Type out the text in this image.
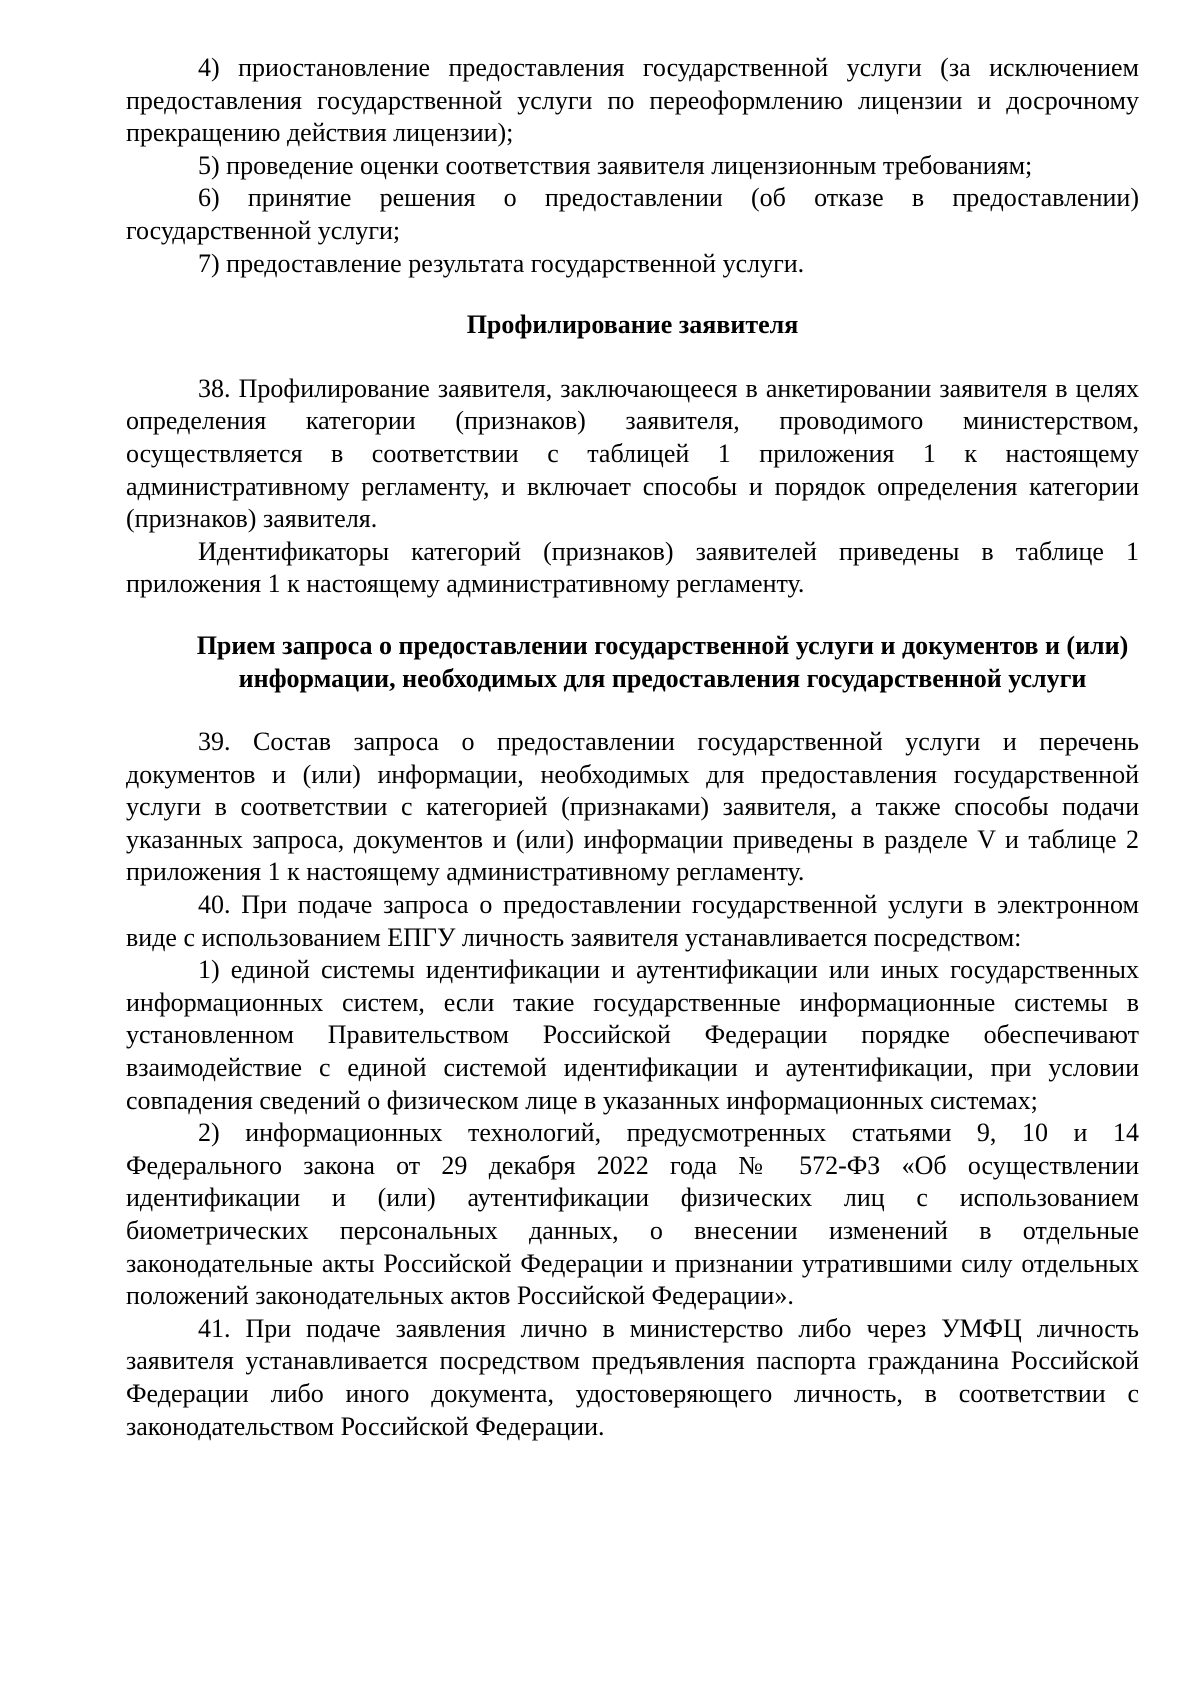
4) приостановление предоставления государственной услуги (за исключением предоставления государственной услуги по переоформлению лицензии и досрочному прекращению действия лицензии);

5) проведение оценки соответствия заявителя лицензионным требованиям;

6) принятие решения о предоставлении (об отказе в предоставлении) государственной услуги;

7) предоставление результата государственной услуги.

Профилирование заявителя

38. Профилирование заявителя, заключающееся в анкетировании заявителя в целях определения категории (признаков) заявителя, проводимого министерством, осуществляется в соответствии с таблицей 1 приложения 1 к настоящему административному регламенту, и включает способы и порядок определения категории (признаков) заявителя.

Идентификаторы категорий (признаков) заявителей приведены в таблице 1 приложения 1 к настоящему административному регламенту.

Прием запроса о предоставлении государственной услуги и документов и (или) информации, необходимых для предоставления государственной услуги

39. Состав запроса о предоставлении государственной услуги и перечень документов и (или) информации, необходимых для предоставления государственной услуги в соответствии с категорией (признаками) заявителя, а также способы подачи указанных запроса, документов и (или) информации приведены в разделе V и таблице 2 приложения 1 к настоящему административному регламенту.

40. При подаче запроса о предоставлении государственной услуги в электронном виде с использованием ЕПГУ личность заявителя устанавливается посредством:

1) единой системы идентификации и аутентификации или иных государственных информационных систем, если такие государственные информационные системы в установленном Правительством Российской Федерации порядке обеспечивают взаимодействие с единой системой идентификации и аутентификации, при условии совпадения сведений о физическом лице в указанных информационных системах;

2) информационных технологий, предусмотренных статьями 9, 10 и 14 Федерального закона от 29 декабря 2022 года № 572-ФЗ «Об осуществлении идентификации и (или) аутентификации физических лиц с использованием биометрических персональных данных, о внесении изменений в отдельные законодательные акты Российской Федерации и признании утратившими силу отдельных положений законодательных актов Российской Федерации».

41. При подаче заявления лично в министерство либо через УМФЦ личность заявителя устанавливается посредством предъявления паспорта гражданина Российской Федерации либо иного документа, удостоверяющего личность, в соответствии с законодательством Российской Федерации.
